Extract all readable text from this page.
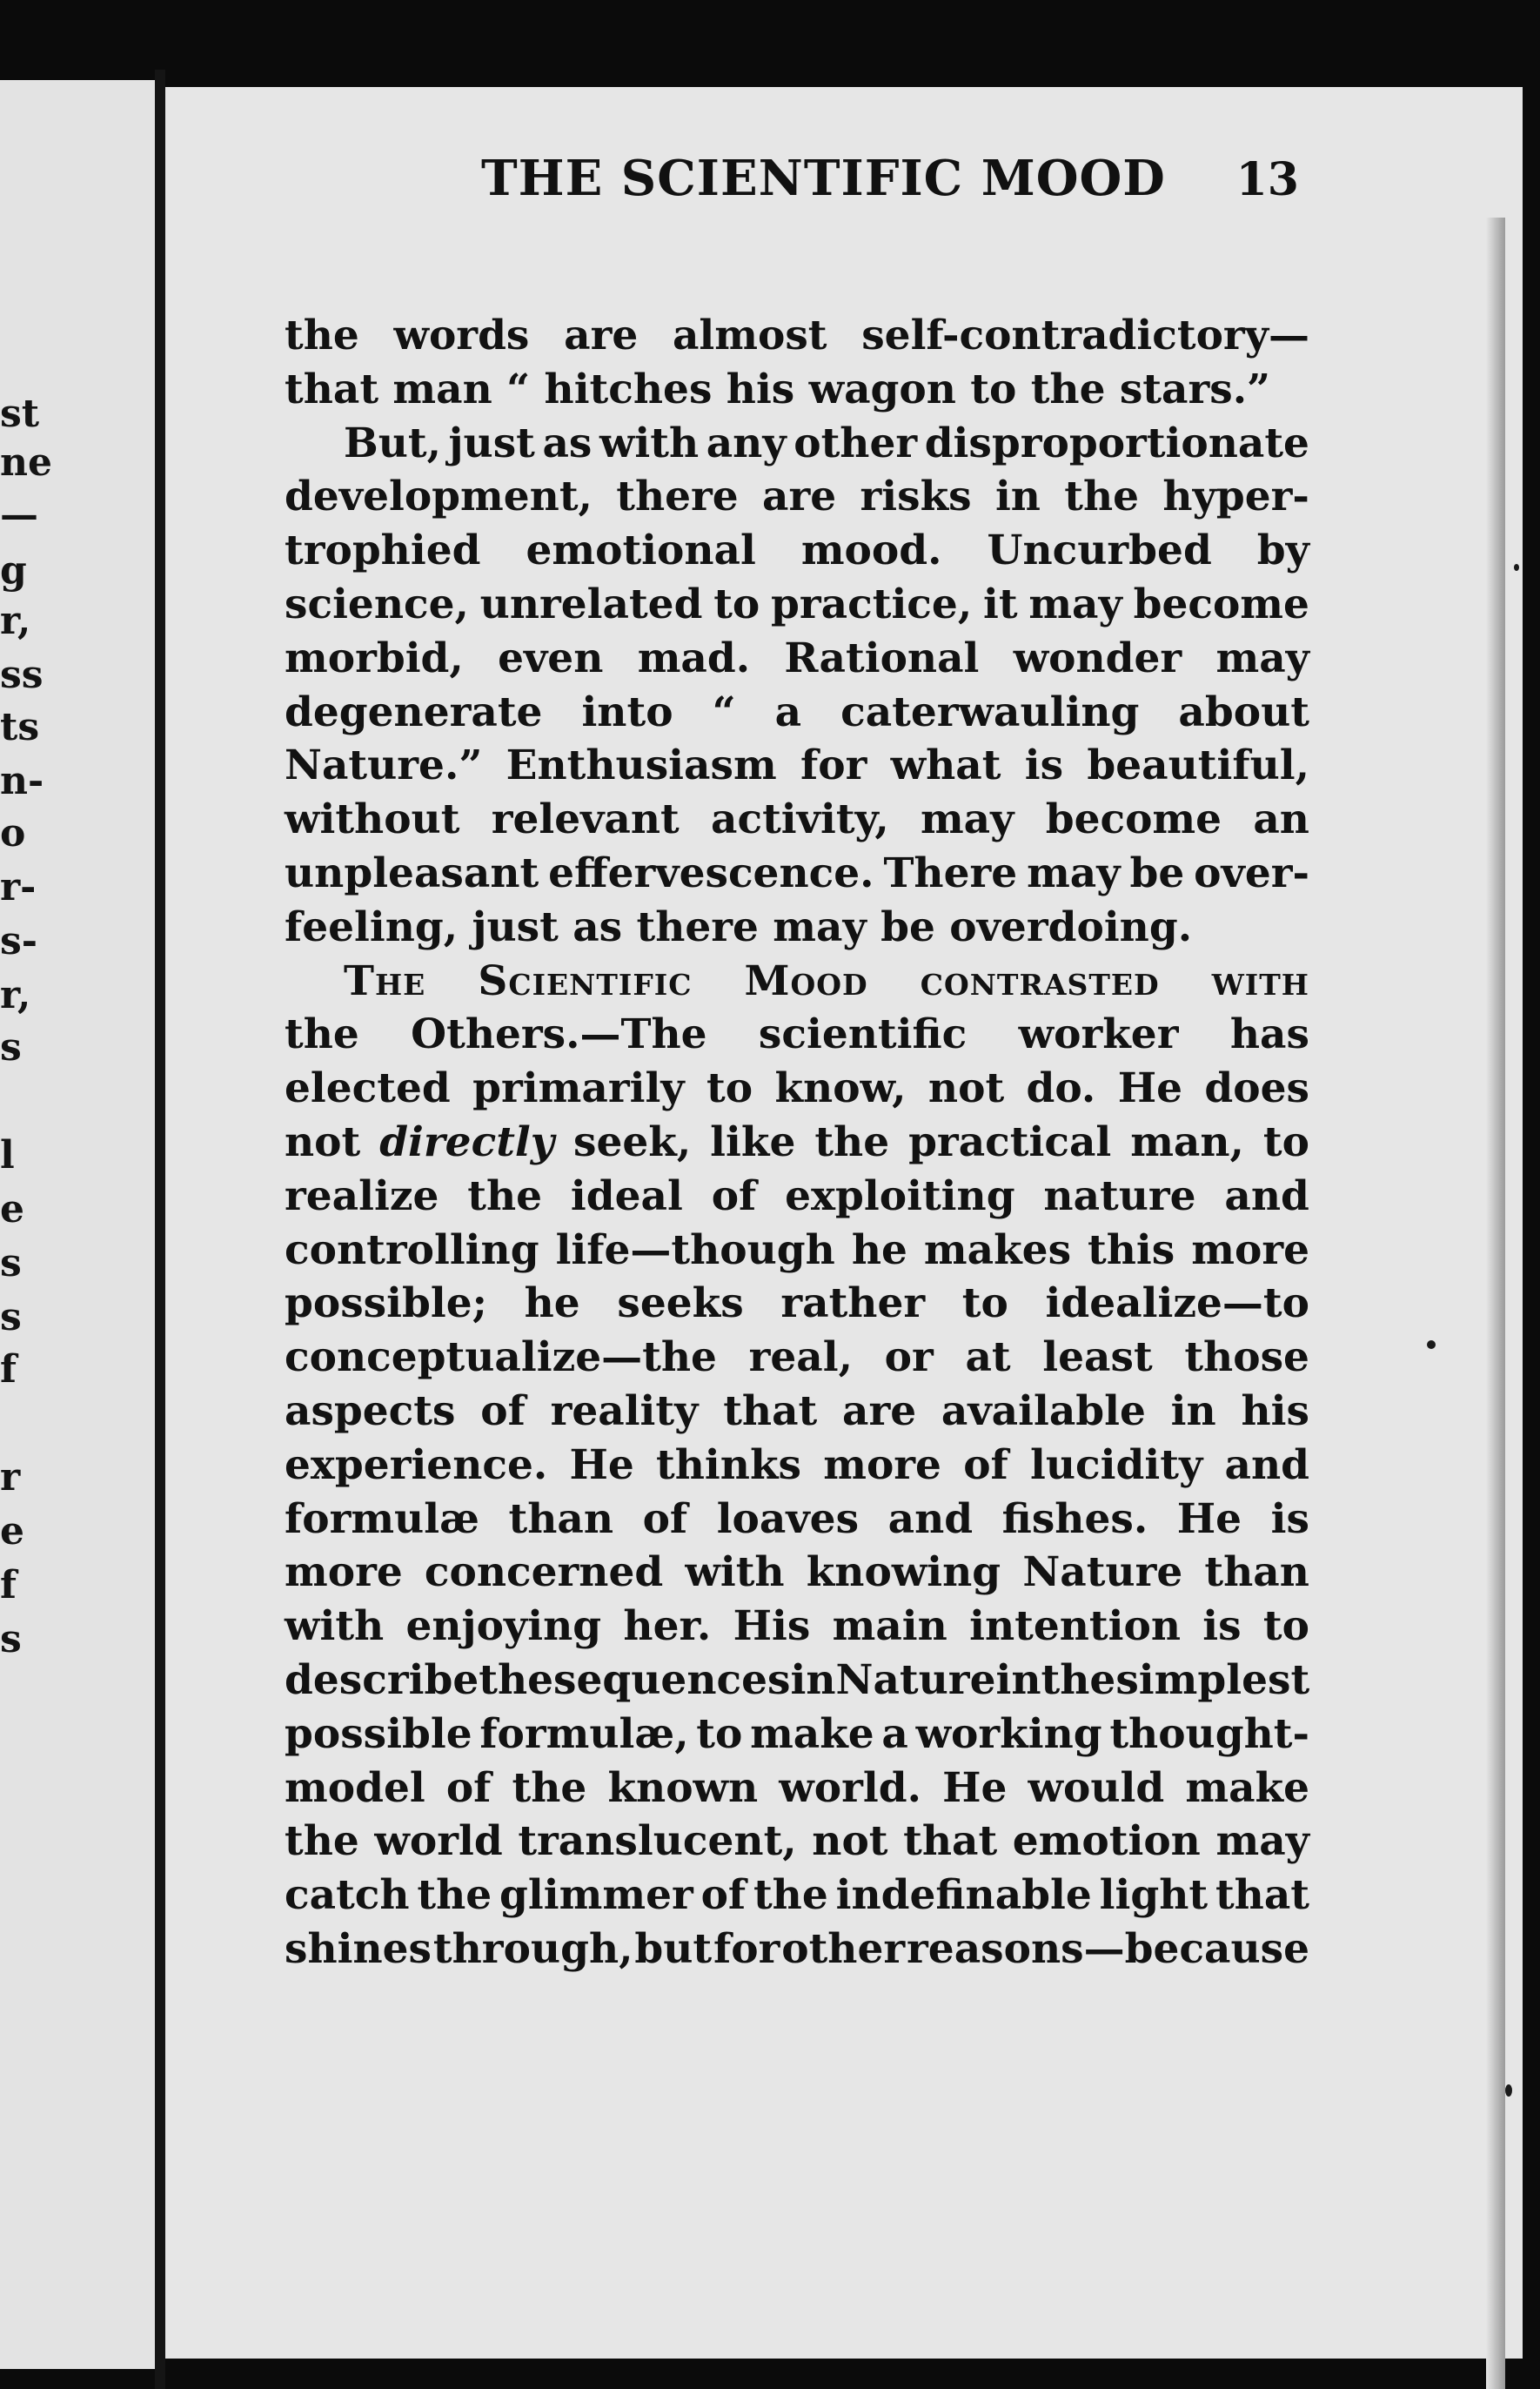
st
ne
—
g
r,
ss
ts
n-
o
r-
s-
r,
s
l
e
s
s
f
r
e
f
s
THE SCIENTIFIC MOOD 13
the words are almost self-contradictory—
that man “ hitches his wagon to the stars.”
But, just as with any other disproportionate
development, there are risks in the hyper-
trophied emotional mood. Uncurbed by
science, unrelated to practice, it may become
morbid, even mad. Rational wonder may
degenerate into “ a caterwauling about
Nature.” Enthusiasm for what is beautiful,
without relevant activity, may become an
unpleasant effervescence. There may be over-
feeling, just as there may be overdoing.
The Scientific Mood contrasted with
the Others.—The scientific worker has
elected primarily to know, not do. He does
not directly seek, like the practical man, to
realize the ideal of exploiting nature and
controlling life—though he makes this more
possible; he seeks rather to idealize—to
conceptualize—the real, or at least those
aspects of reality that are available in his
experience. He thinks more of lucidity and
formulæ than of loaves and fishes. He is
more concerned with knowing Nature than
with enjoying her. His main intention is to
describe the sequences in Nature in the simplest
possible formulæ, to make a working thought-
model of the known world. He would make
the world translucent, not that emotion may
catch the glimmer of the indefinable light that
shines through, but for other reasons—because
